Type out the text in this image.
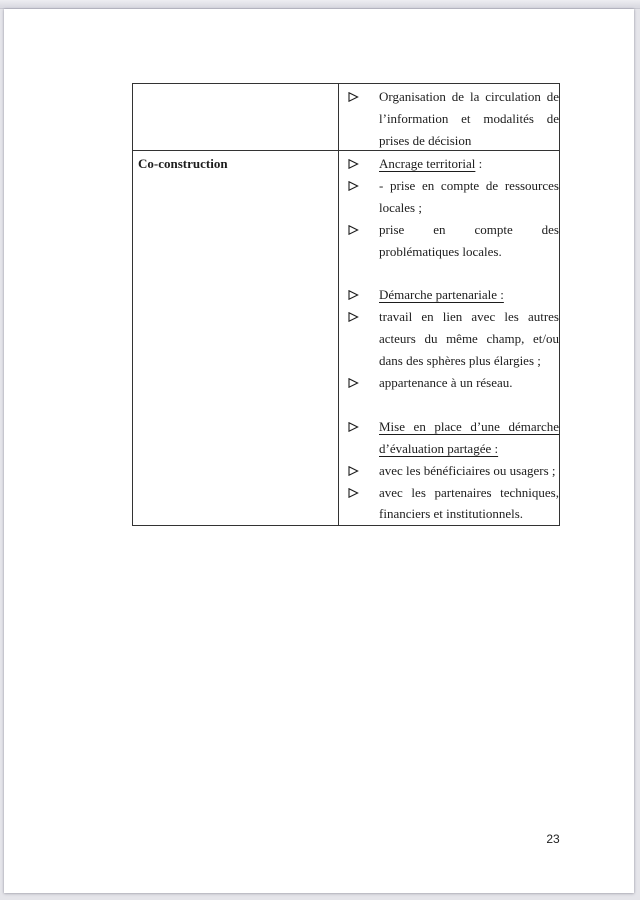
Organisation de la circulation de l’information et modalités de prises de décision
Co-construction	Ancrage territorial :
- prise en compte de ressources locales ;
prise en compte des problématiques locales.
Démarche partenariale :
travail en lien avec les autres acteurs du même champ, et/ou dans des sphères plus élargies ;
appartenance à un réseau.
Mise en place d’une démarche d’évaluation partagée :
avec les bénéficiaires ou usagers ;
avec les partenaires techniques, financiers et institutionnels.
23
